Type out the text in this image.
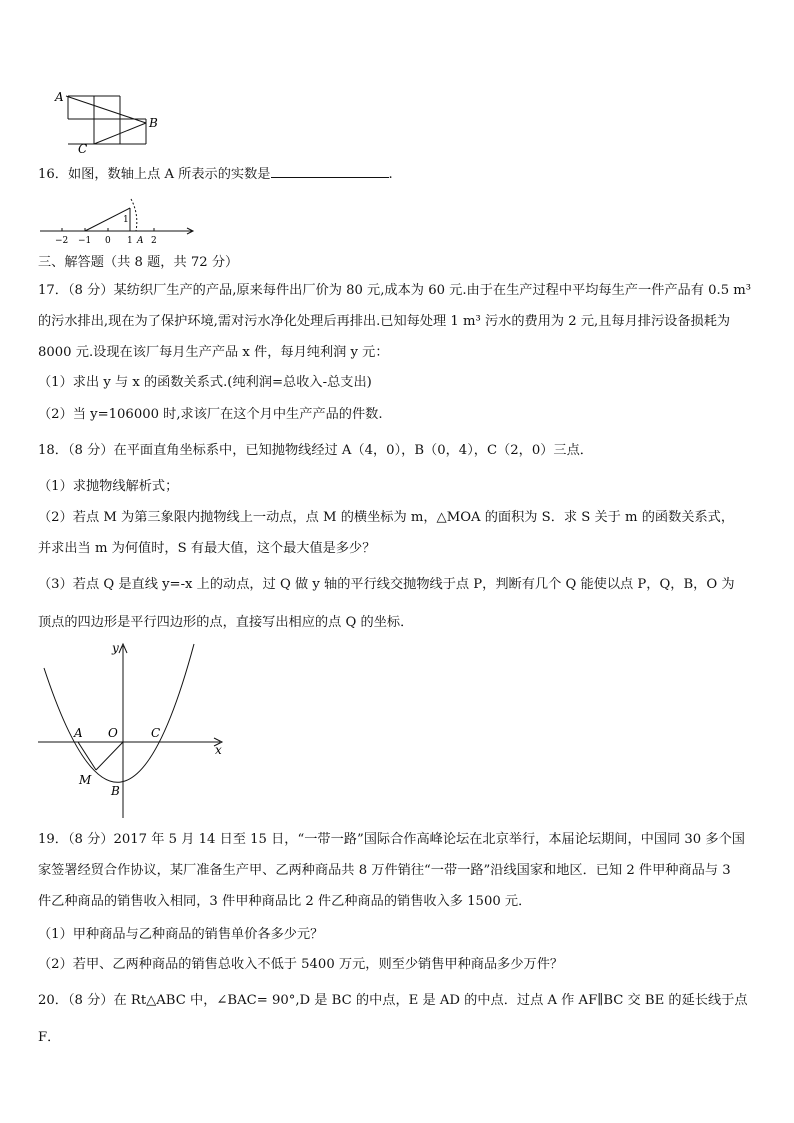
A
B
C
16．如图，数轴上点 A 所表示的实数是	.
−2 −1 0 1 2
1
A
三、解答题（共 8 题，共 72 分）
17．（8 分）某纺织厂生产的产品,原来每件出厂价为 80 元,成本为 60 元.由于在生产过程中平均每生产一件产品有 0.5 m³
的污水排出,现在为了保护环境,需对污水净化处理后再排出.已知每处理 1 m³ 污水的费用为 2 元,且每月排污设备损耗为
8000 元.设现在该厂每月生产产品 x 件，每月纯利润 y 元：
（1）求出 y 与 x 的函数关系式.(纯利润=总收入-总支出)
（2）当 y=106000 时,求该厂在这个月中生产产品的件数.
18．（8 分）在平面直角坐标系中，已知抛物线经过 A（4，0），B（0，4），C（2，0）三点．
（1）求抛物线解析式；
（2）若点 M 为第三象限内抛物线上一动点，点 M 的横坐标为 m，△MOA 的面积为 S．求 S 关于 m 的函数关系式，
并求出当 m 为何值时，S 有最大值，这个最大值是多少？
（3）若点 Q 是直线 y=-x 上的动点，过 Q 做 y 轴的平行线交抛物线于点 P，判断有几个 Q 能使以点 P，Q，B，O 为
顶点的四边形是平行四边形的点，直接写出相应的点 Q 的坐标．
y
x
O
A	C
M
B
19．（8 分）2017 年 5 月 14 日至 15 日，“一带一路”国际合作高峰论坛在北京举行，本届论坛期间，中国同 30 多个国
家签署经贸合作协议，某厂准备生产甲、乙两种商品共 8 万件销往“一带一路”沿线国家和地区．已知 2 件甲种商品与 3
件乙种商品的销售收入相同，3 件甲种商品比 2 件乙种商品的销售收入多 1500 元．
（1）甲种商品与乙种商品的销售单价各多少元？
（2）若甲、乙两种商品的销售总收入不低于 5400 万元，则至少销售甲种商品多少万件？
20．（8 分）在 Rt△ABC 中，∠BAC= 90°,D 是 BC 的中点，E 是 AD 的中点．过点 A 作 AF∥BC 交 BE 的延长线于点
F．
